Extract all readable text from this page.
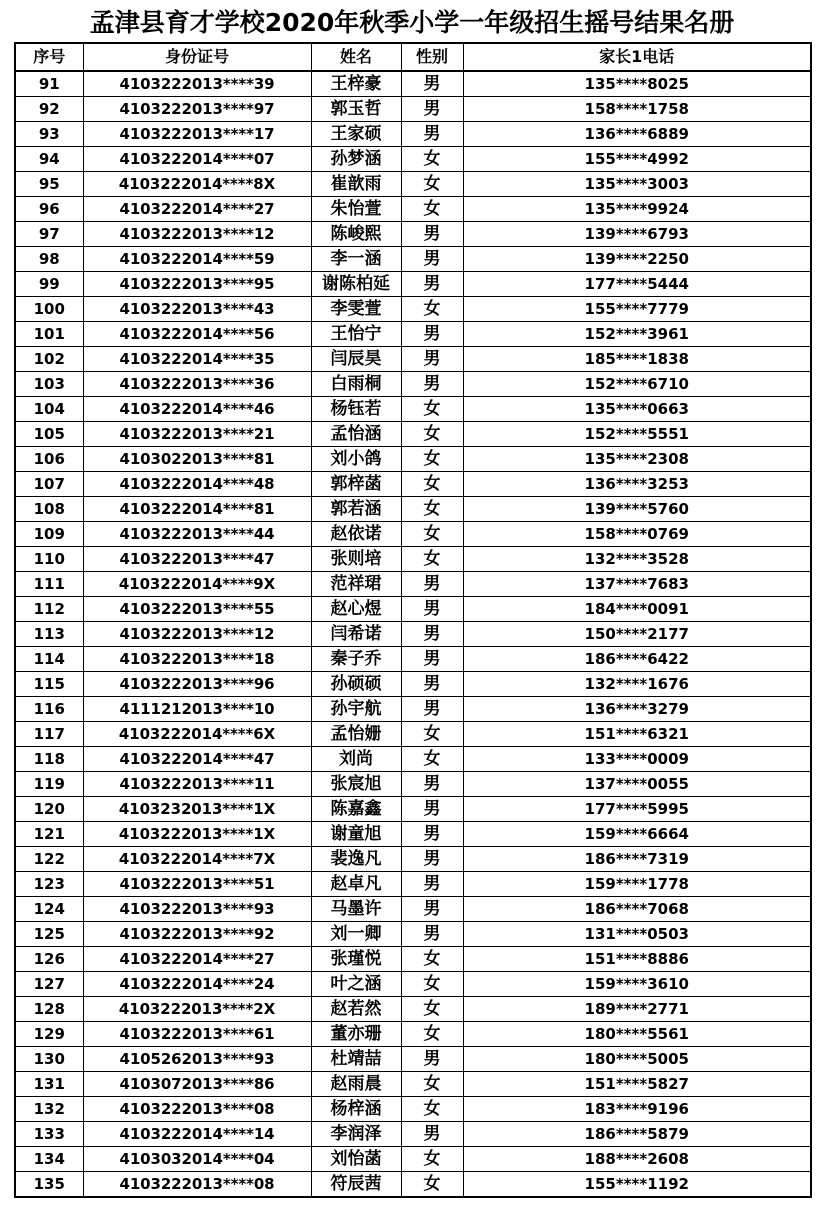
孟津县育才学校2020年秋季小学一年级招生摇号结果名册
序号	身份证号	姓名	性别	家长1电话
91	4103222013****39	王梓豪	男	135****8025
92	4103222013****97	郭玉哲	男	158****1758
93	4103222013****17	王家硕	男	136****6889
94	4103222014****07	孙梦涵	女	155****4992
95	4103222014****8X	崔歆雨	女	135****3003
96	4103222014****27	朱怡萱	女	135****9924
97	4103222013****12	陈峻熙	男	139****6793
98	4103222014****59	李一涵	男	139****2250
99	4103222013****95	谢陈柏延	男	177****5444
100	4103222013****43	李雯萱	女	155****7779
101	4103222014****56	王怡宁	男	152****3961
102	4103222014****35	闫辰昊	男	185****1838
103	4103222013****36	白雨桐	男	152****6710
104	4103222014****46	杨钰若	女	135****0663
105	4103222013****21	孟怡涵	女	152****5551
106	4103022013****81	刘小鸽	女	135****2308
107	4103222014****48	郭梓菡	女	136****3253
108	4103222014****81	郭若涵	女	139****5760
109	4103222013****44	赵依诺	女	158****0769
110	4103222013****47	张则培	女	132****3528
111	4103222014****9X	范祥珺	男	137****7683
112	4103222013****55	赵心煜	男	184****0091
113	4103222013****12	闫希诺	男	150****2177
114	4103222013****18	秦子乔	男	186****6422
115	4103222013****96	孙硕硕	男	132****1676
116	4111212013****10	孙宇航	男	136****3279
117	4103222014****6X	孟怡姗	女	151****6321
118	4103222014****47	刘尚	女	133****0009
119	4103222013****11	张宸旭	男	137****0055
120	4103232013****1X	陈嘉鑫	男	177****5995
121	4103222013****1X	谢童旭	男	159****6664
122	4103222014****7X	裴逸凡	男	186****7319
123	4103222013****51	赵卓凡	男	159****1778
124	4103222013****93	马墨许	男	186****7068
125	4103222013****92	刘一卿	男	131****0503
126	4103222014****27	张瑾悦	女	151****8886
127	4103222014****24	叶之涵	女	159****3610
128	4103222013****2X	赵若然	女	189****2771
129	4103222013****61	董亦珊	女	180****5561
130	4105262013****93	杜靖喆	男	180****5005
131	4103072013****86	赵雨晨	女	151****5827
132	4103222013****08	杨梓涵	女	183****9196
133	4103222014****14	李润泽	男	186****5879
134	4103032014****04	刘怡菡	女	188****2608
135	4103222013****08	符辰茜	女	155****1192
